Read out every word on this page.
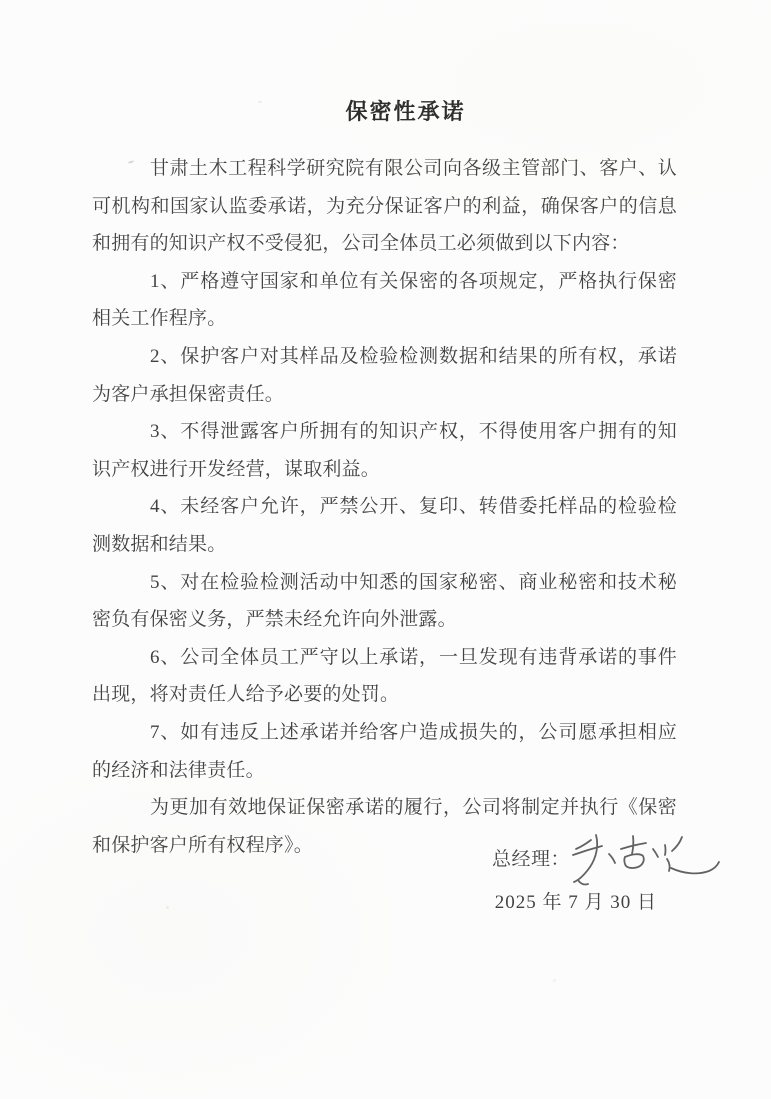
保密性承诺

甘肃土木工程科学研究院有限公司向各级主管部门、客户、认可机构和国家认监委承诺，为充分保证客户的利益，确保客户的信息和拥有的知识产权不受侵犯，公司全体员工必须做到以下内容：

1、严格遵守国家和单位有关保密的各项规定，严格执行保密相关工作程序。

2、保护客户对其样品及检验检测数据和结果的所有权，承诺为客户承担保密责任。

3、不得泄露客户所拥有的知识产权，不得使用客户拥有的知识产权进行开发经营，谋取利益。

4、未经客户允许，严禁公开、复印、转借委托样品的检验检测数据和结果。

5、对在检验检测活动中知悉的国家秘密、商业秘密和技术秘密负有保密义务，严禁未经允许向外泄露。

6、公司全体员工严守以上承诺，一旦发现有违背承诺的事件出现，将对责任人给予必要的处罚。

7、如有违反上述承诺并给客户造成损失的，公司愿承担相应的经济和法律责任。

为更加有效地保证保密承诺的履行，公司将制定并执行《保密和保护客户所有权程序》。

总经理：
2025 年 7 月 30 日
